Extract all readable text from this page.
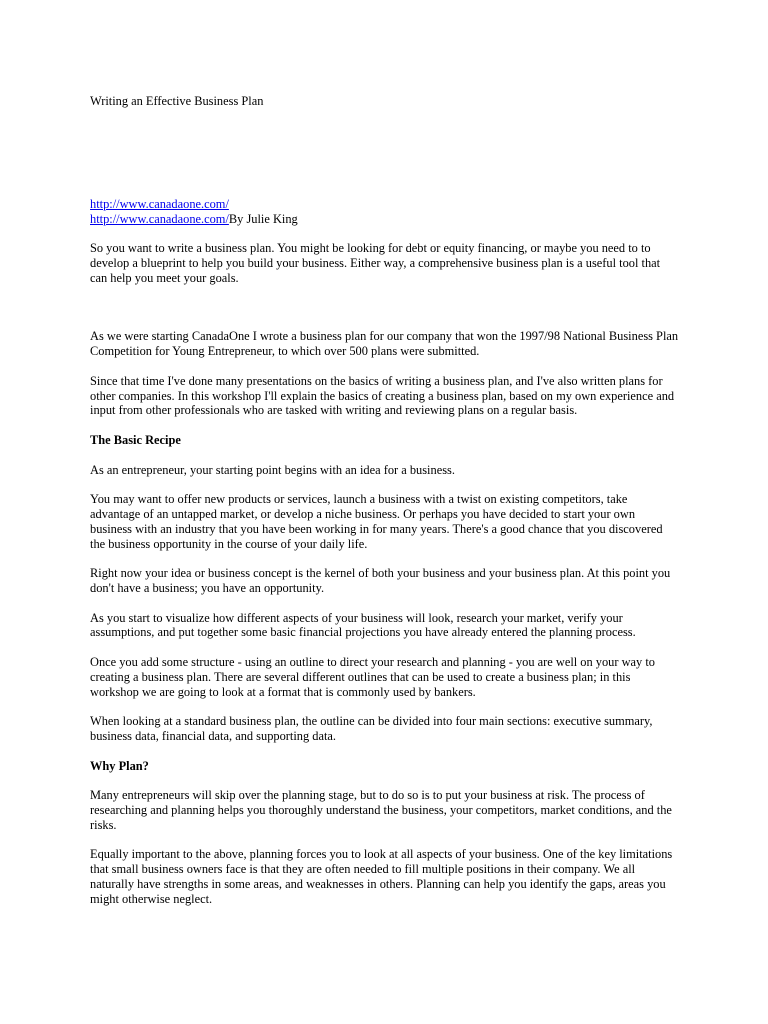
Writing an Effective Business Plan
http://www.canadaone.com/
http://www.canadaone.com/By Julie King

So you want to write a business plan. You might be looking for debt or equity financing, or maybe you need to to develop a blueprint to help you build your business. Either way, a comprehensive business plan is a useful tool that can help you meet your goals.

As we were starting CanadaOne I wrote a business plan for our company that won the 1997/98 National Business Plan Competition for Young Entrepreneur, to which over 500 plans were submitted.

Since that time I've done many presentations on the basics of writing a business plan, and I've also written plans for other companies. In this workshop I'll explain the basics of creating a business plan, based on my own experience and input from other professionals who are tasked with writing and reviewing plans on a regular basis.

The Basic Recipe

As an entrepreneur, your starting point begins with an idea for a business.

You may want to offer new products or services, launch a business with a twist on existing competitors, take advantage of an untapped market, or develop a niche business. Or perhaps you have decided to start your own business with an industry that you have been working in for many years. There's a good chance that you discovered the business opportunity in the course of your daily life.

Right now your idea or business concept is the kernel of both your business and your business plan. At this point you don't have a business; you have an opportunity.

As you start to visualize how different aspects of your business will look, research your market, verify your assumptions, and put together some basic financial projections you have already entered the planning process.

Once you add some structure - using an outline to direct your research and planning - you are well on your way to creating a business plan. There are several different outlines that can be used to create a business plan; in this workshop we are going to look at a format that is commonly used by bankers.

When looking at a standard business plan, the outline can be divided into four main sections: executive summary, business data, financial data, and supporting data.

Why Plan?

Many entrepreneurs will skip over the planning stage, but to do so is to put your business at risk. The process of researching and planning helps you thoroughly understand the business, your competitors, market conditions, and the risks.

Equally important to the above, planning forces you to look at all aspects of your business. One of the key limitations that small business owners face is that they are often needed to fill multiple positions in their company. We all naturally have strengths in some areas, and weaknesses in others. Planning can help you identify the gaps, areas you might otherwise neglect.
